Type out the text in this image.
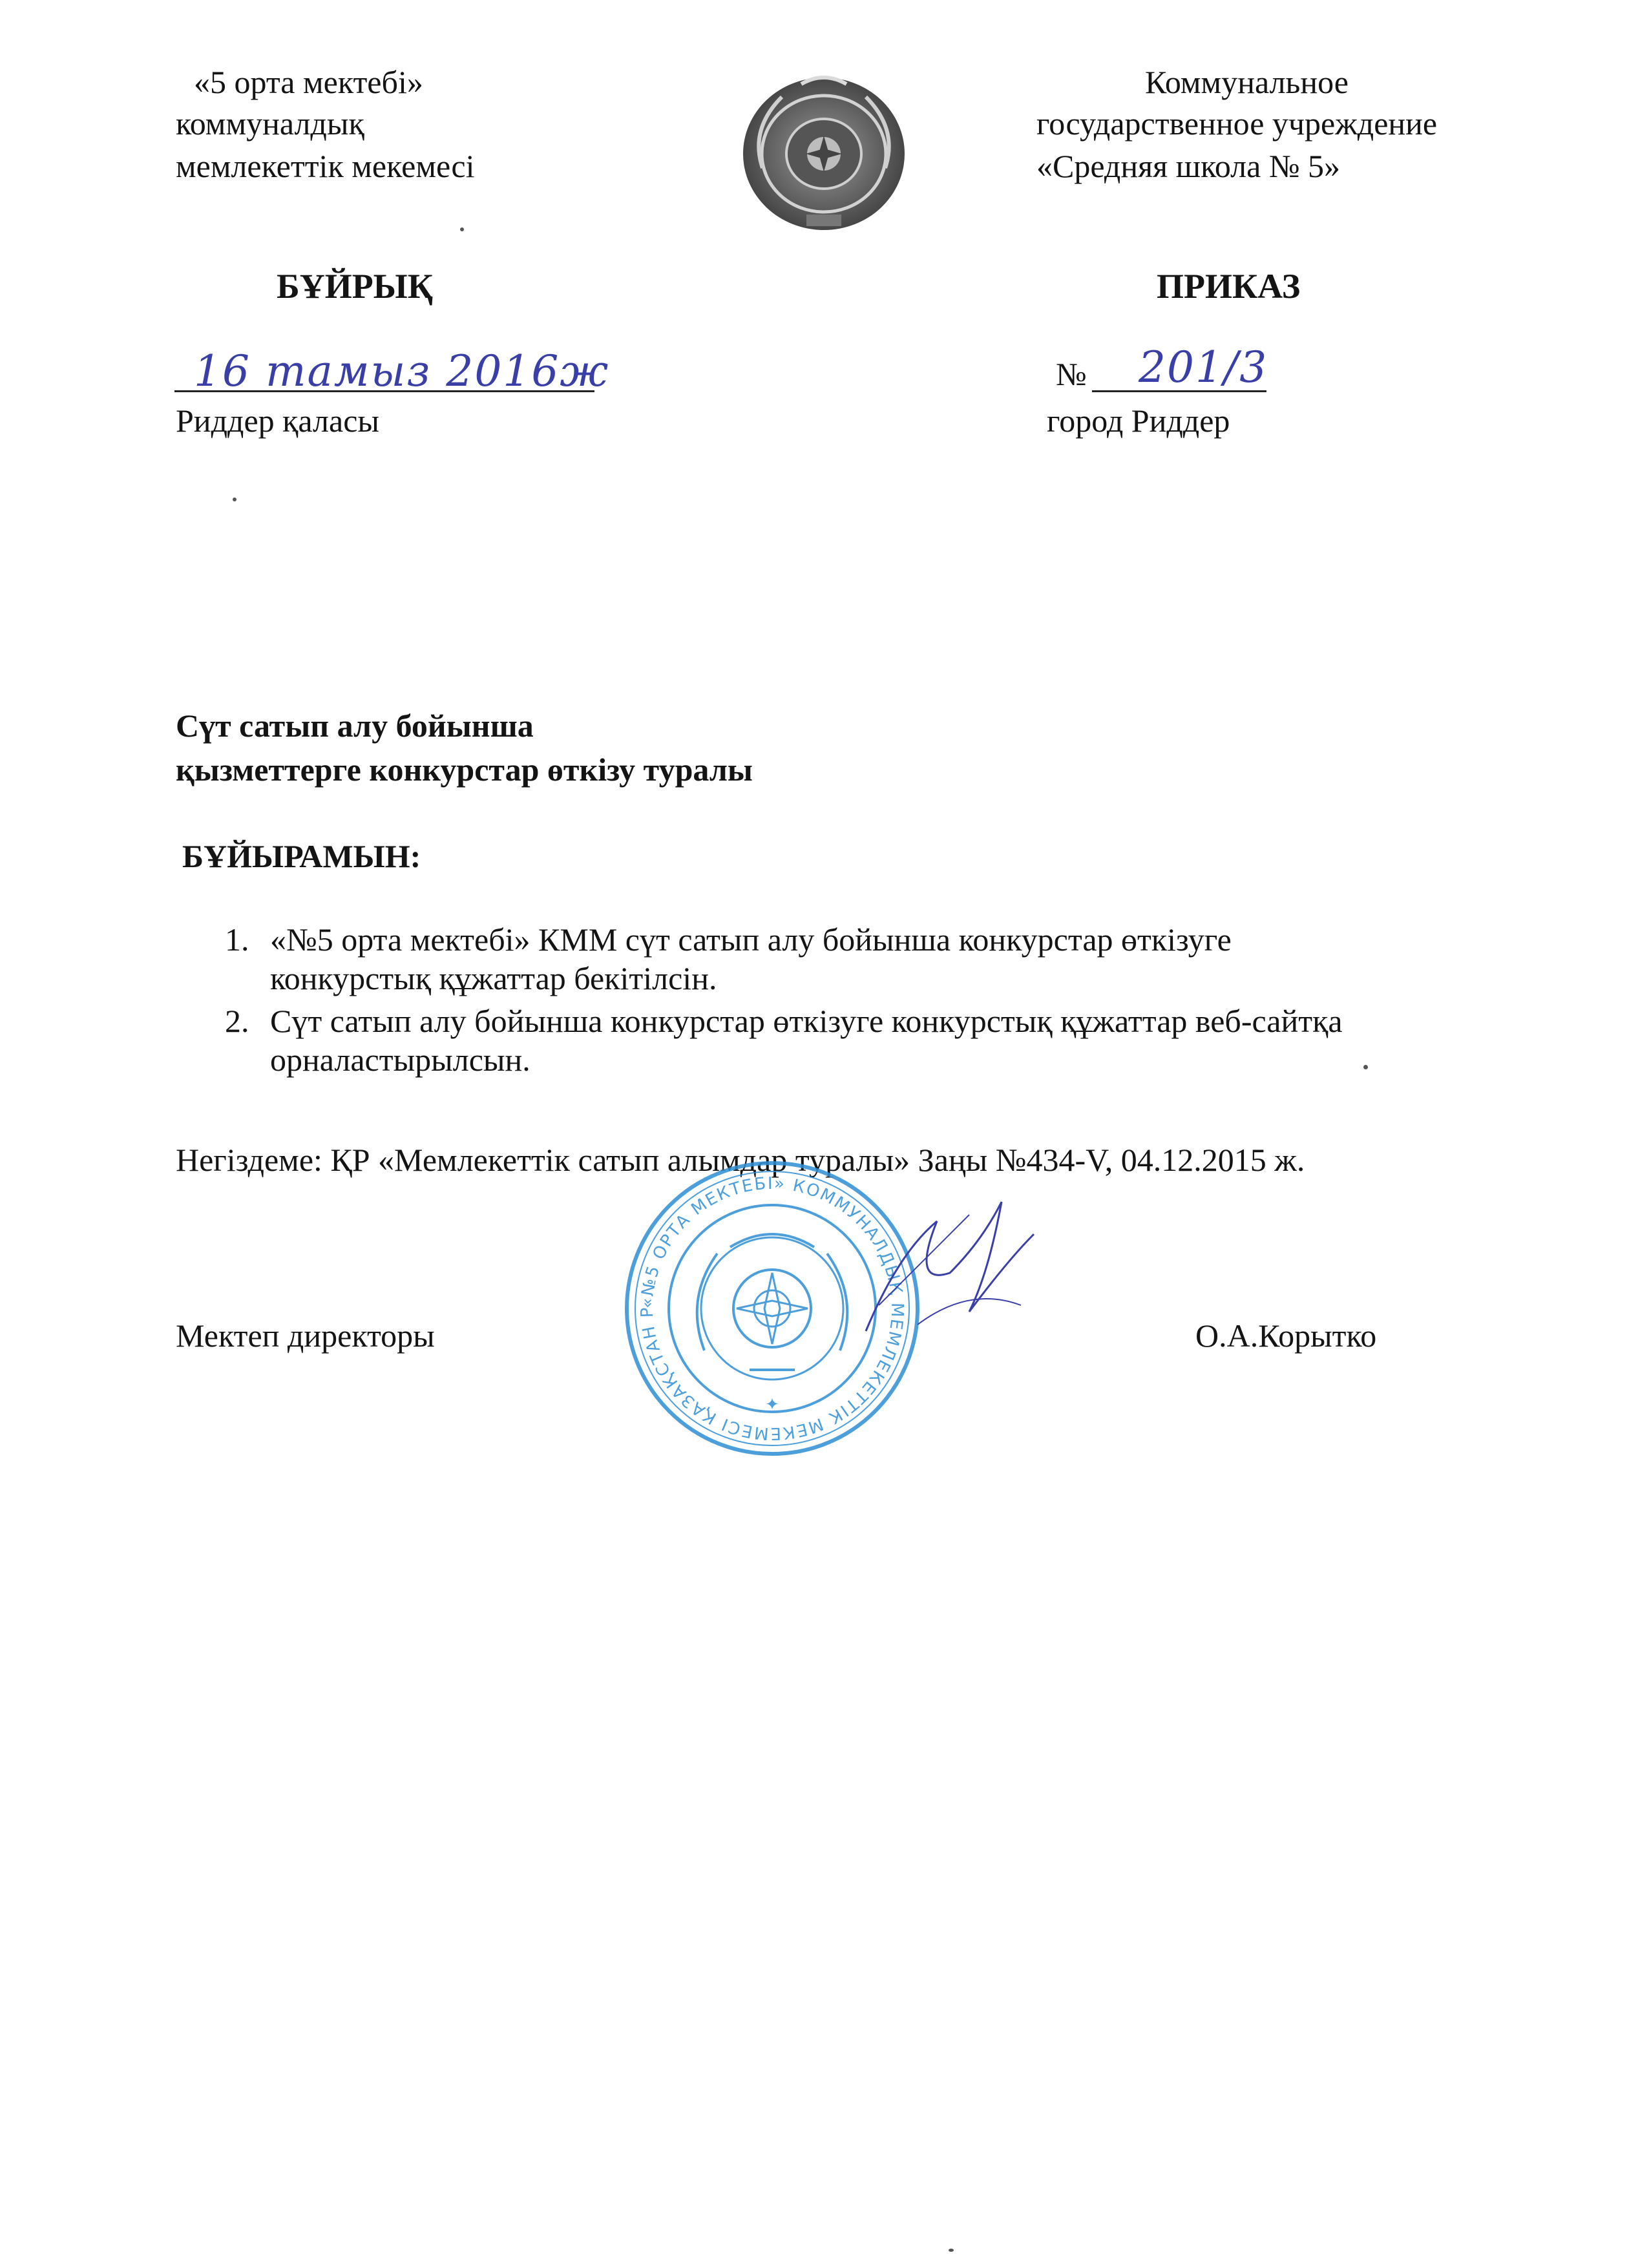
«5 орта мектебі»
коммуналдық
мемлекеттік мекемесі
Коммунальное
государственное учреждение
«Средняя школа № 5»
БҰЙРЫҚ	ПРИКАЗ
16 тамыз 2016ж	№ 201/3
Риддер қаласы	город Риддер
Сүт сатып алу бойынша
қызметтерге конкурстар өткізу туралы
БҰЙЫРАМЫН:
1. «№5 орта мектебі» КММ сүт сатып алу бойынша конкурстар өткізуге
конкурстық құжаттар бекітілсін.
2. Сүт сатып алу бойынша конкурстар өткізуге конкурстық құжаттар веб-сайтқа
орналастырылсын.
Негіздеме: ҚР «Мемлекеттік сатып алымдар туралы» Заңы №434-V, 04.12.2015 ж.
«№5 ОРТА МЕКТЕБІ» КОММУНАЛДЫҚ МЕМЛЕКЕТТІК МЕКЕМЕСІ ҚАЗАҚСТАН Р
✦
Мектеп директоры	О.А.Корытко
